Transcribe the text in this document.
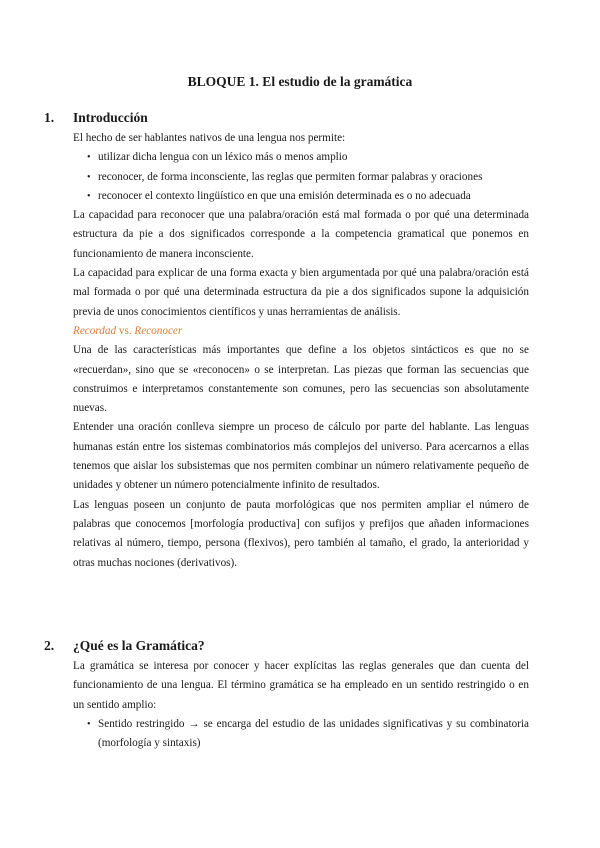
BLOQUE 1. El estudio de la gramática
1. Introducción

El hecho de ser hablantes nativos de una lengua nos permite:

• utilizar dicha lengua con un léxico más o menos amplio
• reconocer, de forma inconsciente, las reglas que permiten formar palabras y oraciones
• reconocer el contexto lingüístico en que una emisión determinada es o no adecuada

La capacidad para reconocer que una palabra/oración está mal formada o por qué una determinada estructura da pie a dos significados corresponde a la competencia gramatical que ponemos en funcionamiento de manera inconsciente.

La capacidad para explicar de una forma exacta y bien argumentada por qué una palabra/oración está mal formada o por qué una determinada estructura da pie a dos significados supone la adquisición previa de unos conocimientos científicos y unas herramientas de análisis.

Recordad vs. Reconocer

Una de las características más importantes que define a los objetos sintácticos es que no se «recuerdan», sino que se «reconocen» o se interpretan. Las piezas que forman las secuencias que construimos e interpretamos constantemente son comunes, pero las secuencias son absolutamente nuevas.

Entender una oración conlleva siempre un proceso de cálculo por parte del hablante. Las lenguas humanas están entre los sistemas combinatorios más complejos del universo. Para acercarnos a ellas tenemos que aislar los subsistemas que nos permiten combinar un número relativamente pequeño de unidades y obtener un número potencialmente infinito de resultados.

Las lenguas poseen un conjunto de pauta morfológicas que nos permiten ampliar el número de palabras que conocemos [morfología productiva] con sufijos y prefijos que añaden informaciones relativas al número, tiempo, persona (flexivos), pero también al tamaño, el grado, la anterioridad y otras muchas nociones (derivativos).

2. ¿Qué es la Gramática?

La gramática se interesa por conocer y hacer explícitas las reglas generales que dan cuenta del funcionamiento de una lengua. El término gramática se ha empleado en un sentido restringido o en un sentido amplio:

• Sentido restringido → se encarga del estudio de las unidades significativas y su combinatoria (morfología y sintaxis)
